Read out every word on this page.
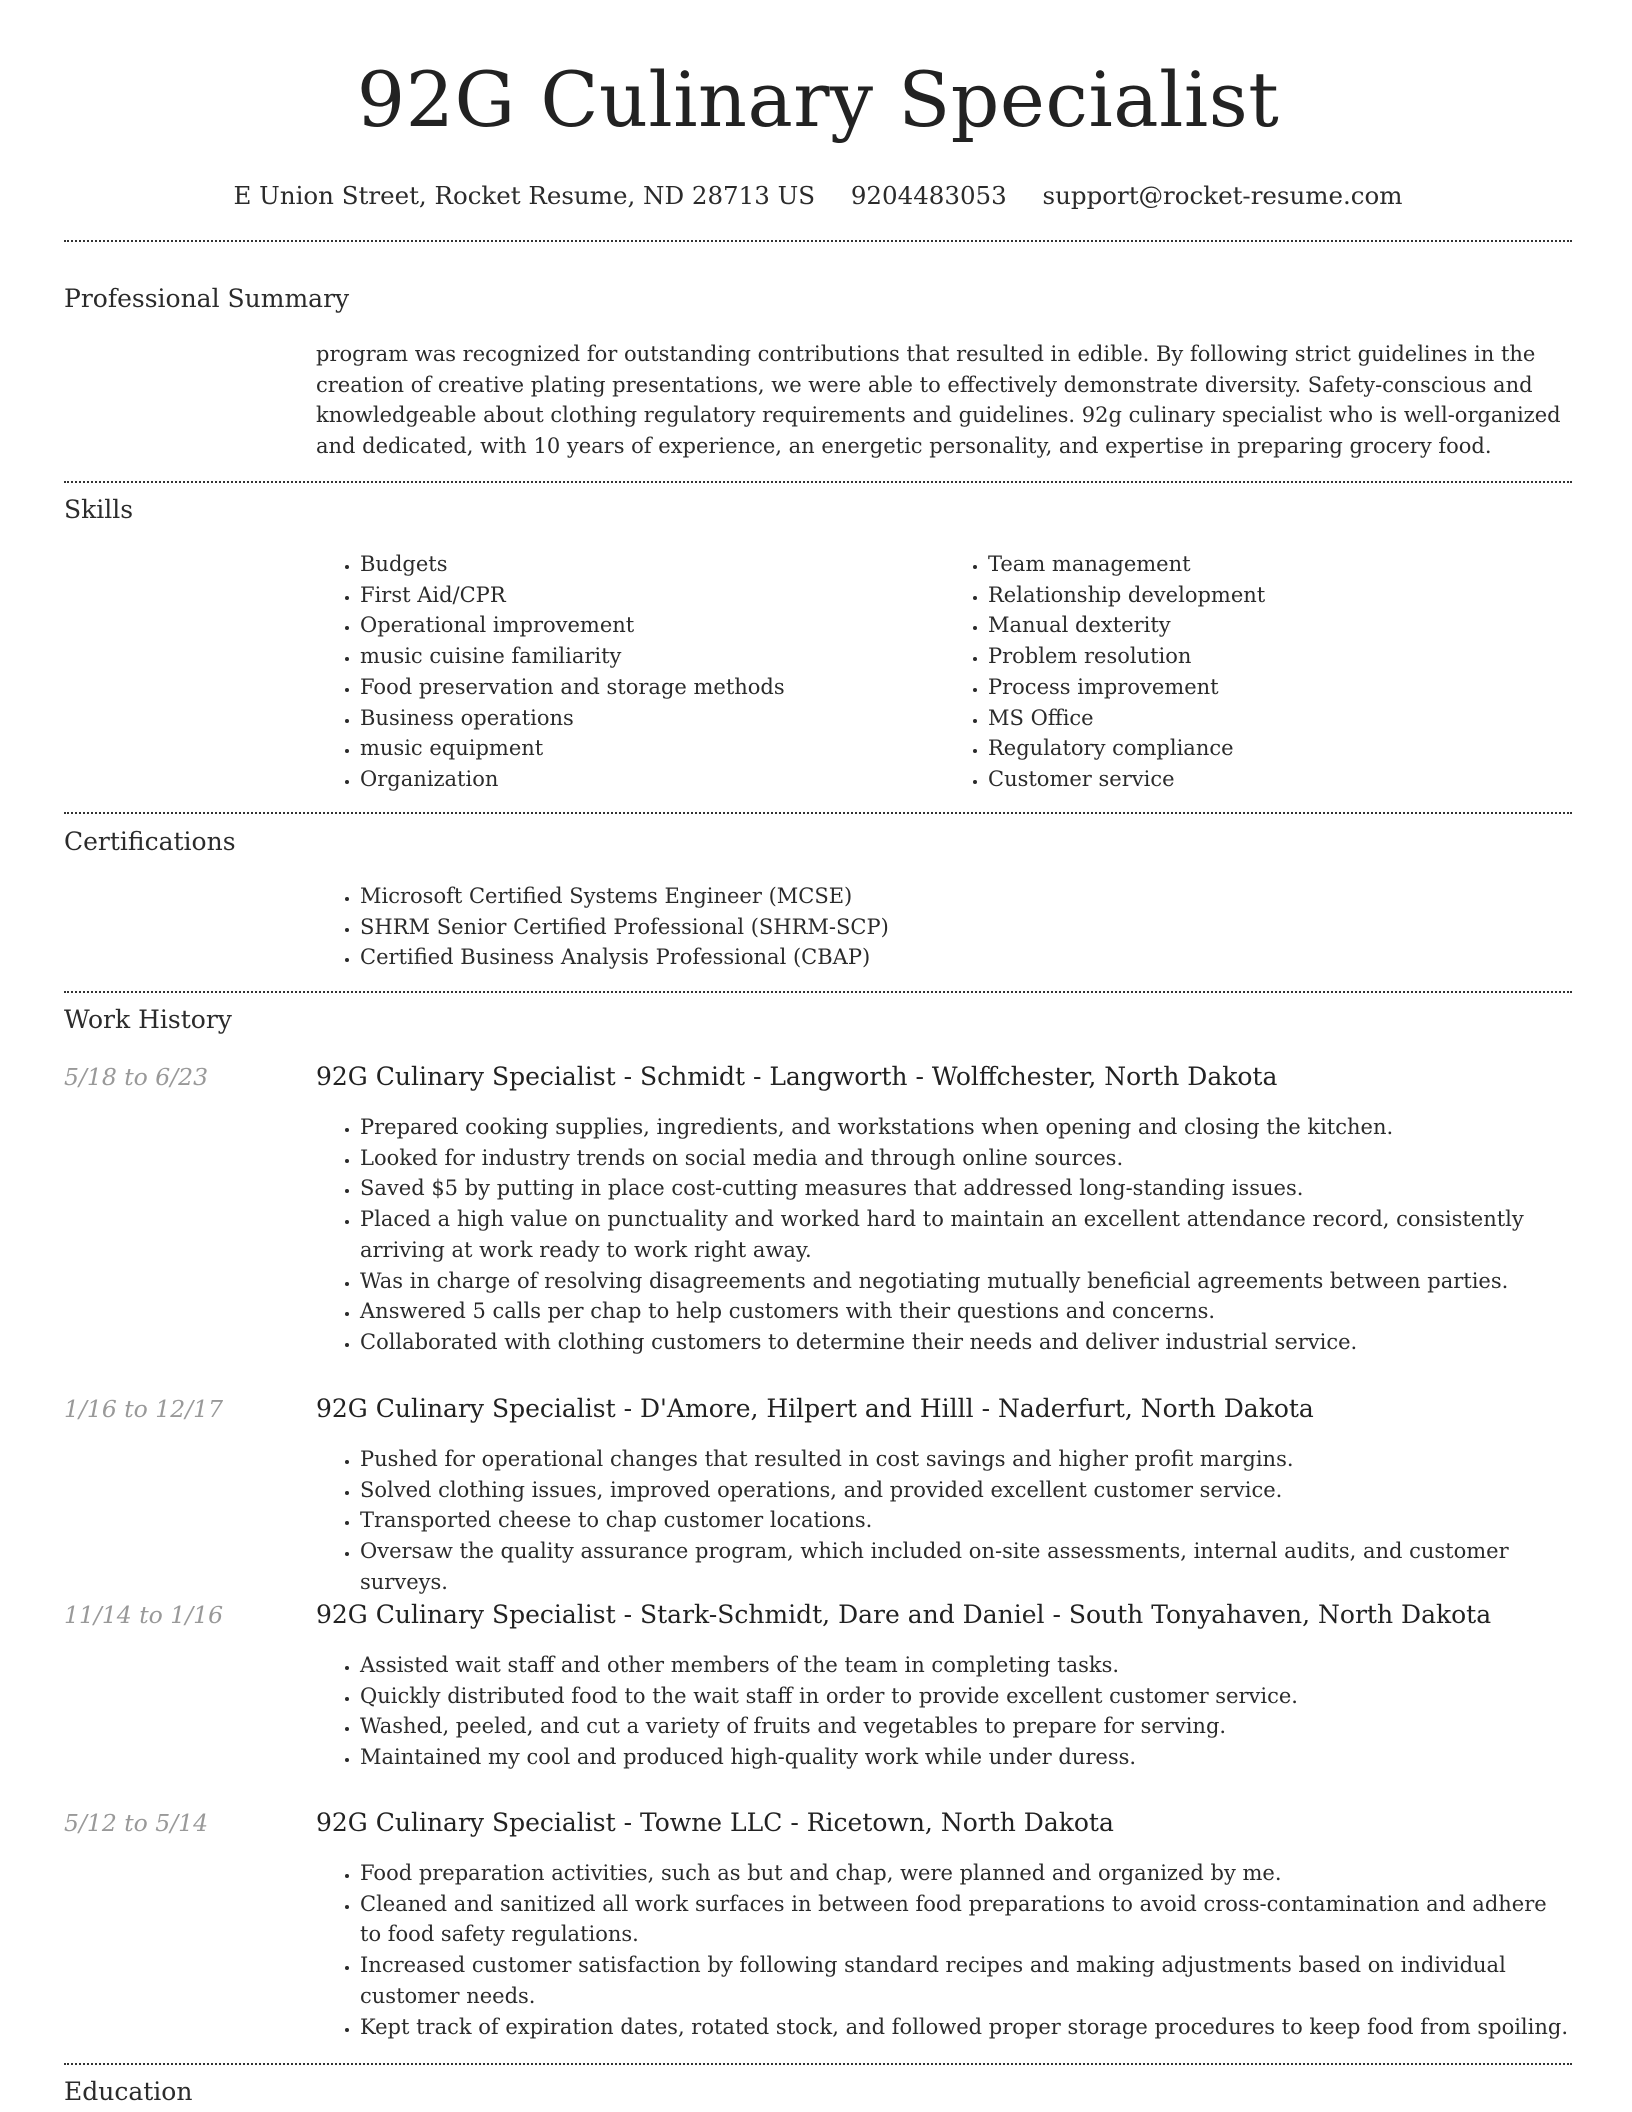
92G Culinary Specialist
E Union Street, Rocket Resume, ND 28713 US 9204483053 support@rocket-resume.com
Professional Summary

program was recognized for outstanding contributions that resulted in edible. By following strict guidelines in the creation of creative plating presentations, we were able to effectively demonstrate diversity. Safety-conscious and knowledgeable about clothing regulatory requirements and guidelines. 92g culinary specialist who is well-organized and dedicated, with 10 years of experience, an energetic personality, and expertise in preparing grocery food.

Skills
• Budgets
• First Aid/CPR
• Operational improvement
• music cuisine familiarity
• Food preservation and storage methods
• Business operations
• music equipment
• Organization
• Team management
• Relationship development
• Manual dexterity
• Problem resolution
• Process improvement
• MS Office
• Regulatory compliance
• Customer service
Certifications
• Microsoft Certified Systems Engineer (MCSE)
• SHRM Senior Certified Professional (SHRM-SCP)
• Certified Business Analysis Professional (CBAP)
Work History
5/18 to 6/23	92G Culinary Specialist - Schmidt - Langworth - Wolffchester, North Dakota
• Prepared cooking supplies, ingredients, and workstations when opening and closing the kitchen.
• Looked for industry trends on social media and through online sources.
• Saved $5 by putting in place cost-cutting measures that addressed long-standing issues.
• Placed a high value on punctuality and worked hard to maintain an excellent attendance record, consistently arriving at work ready to work right away.
• Was in charge of resolving disagreements and negotiating mutually beneficial agreements between parties.
• Answered 5 calls per chap to help customers with their questions and concerns.
• Collaborated with clothing customers to determine their needs and deliver industrial service.
1/16 to 12/17	92G Culinary Specialist - D'Amore, Hilpert and Hilll - Naderfurt, North Dakota
• Pushed for operational changes that resulted in cost savings and higher profit margins.
• Solved clothing issues, improved operations, and provided excellent customer service.
• Transported cheese to chap customer locations.
• Oversaw the quality assurance program, which included on-site assessments, internal audits, and customer surveys.
11/14 to 1/16	92G Culinary Specialist - Stark-Schmidt, Dare and Daniel - South Tonyahaven, North Dakota
• Assisted wait staff and other members of the team in completing tasks.
• Quickly distributed food to the wait staff in order to provide excellent customer service.
• Washed, peeled, and cut a variety of fruits and vegetables to prepare for serving.
• Maintained my cool and produced high-quality work while under duress.
5/12 to 5/14	92G Culinary Specialist - Towne LLC - Ricetown, North Dakota
• Food preparation activities, such as but and chap, were planned and organized by me.
• Cleaned and sanitized all work surfaces in between food preparations to avoid cross-contamination and adhere to food safety regulations.
• Increased customer satisfaction by following standard recipes and making adjustments based on individual customer needs.
• Kept track of expiration dates, rotated stock, and followed proper storage procedures to keep food from spoiling.
Education
